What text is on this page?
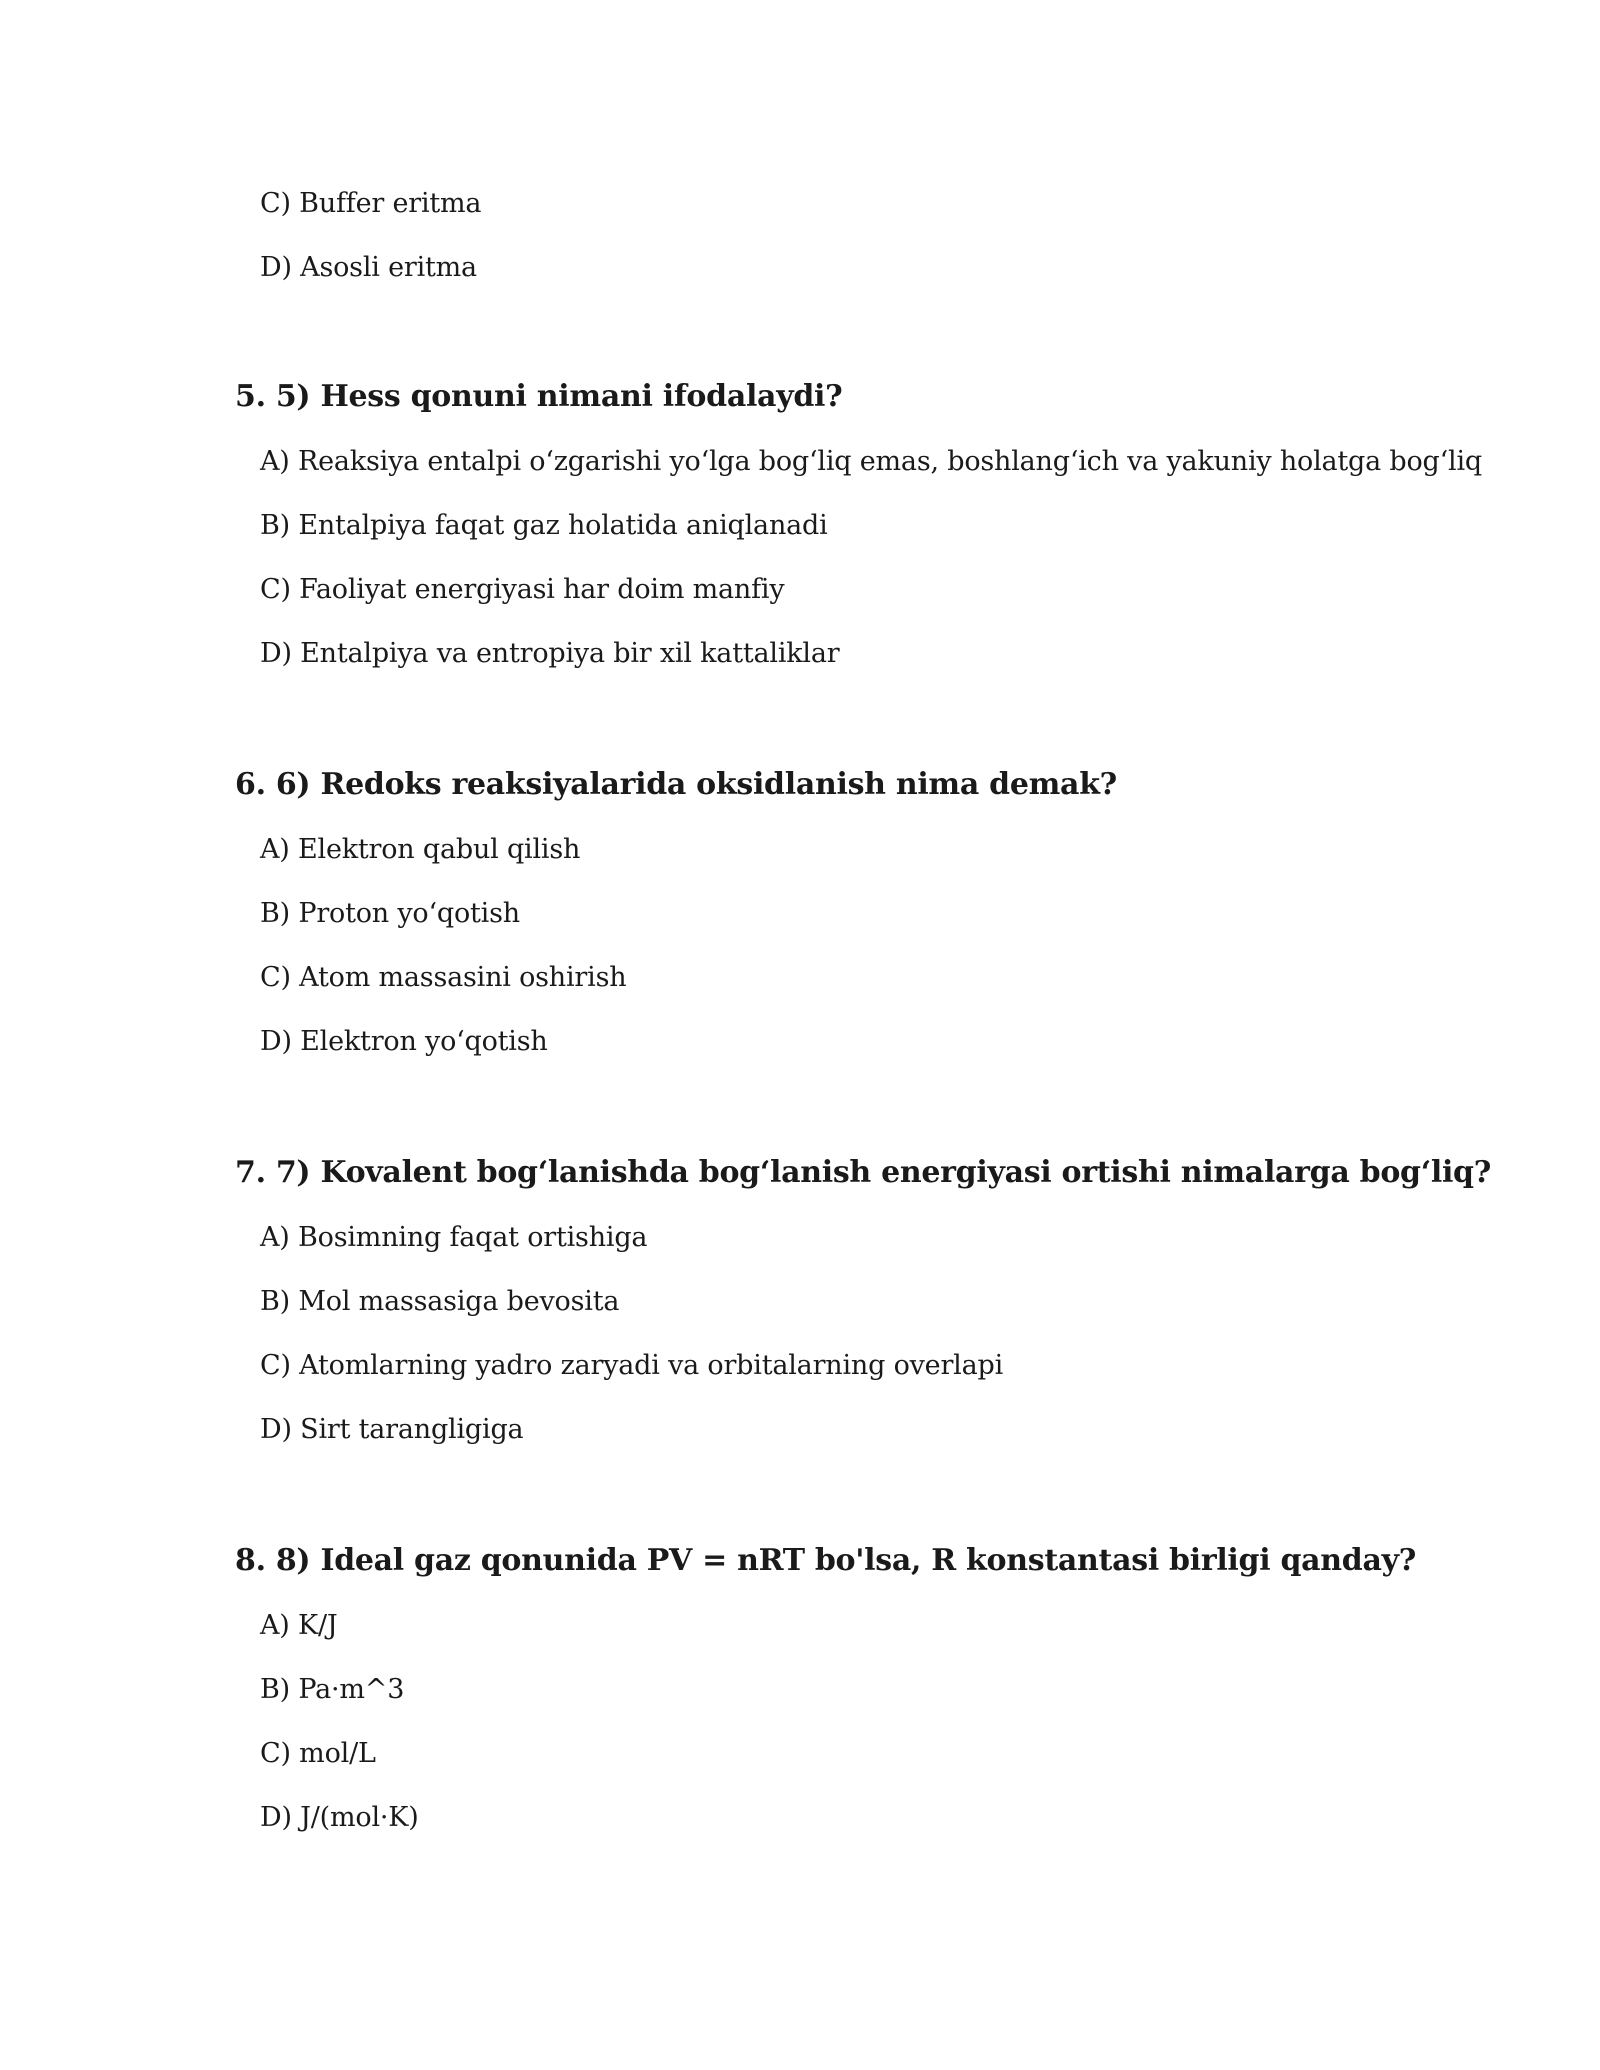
C) Buffer eritma
D) Asosli eritma
5. 5) Hess qonuni nimani ifodalaydi?
A) Reaksiya entalpi o‘zgarishi yo‘lga bog‘liq emas, boshlang‘ich va yakuniy holatga bog‘liq
B) Entalpiya faqat gaz holatida aniqlanadi
C) Faoliyat energiyasi har doim manfiy
D) Entalpiya va entropiya bir xil kattaliklar
6. 6) Redoks reaksiyalarida oksidlanish nima demak?
A) Elektron qabul qilish
B) Proton yo‘qotish
C) Atom massasini oshirish
D) Elektron yo‘qotish
7. 7) Kovalent bog‘lanishda bog‘lanish energiyasi ortishi nimalarga bog‘liq?
A) Bosimning faqat ortishiga
B) Mol massasiga bevosita
C) Atomlarning yadro zaryadi va orbitalarning overlapi
D) Sirt tarangligiga
8. 8) Ideal gaz qonunida PV = nRT bo'lsa, R konstantasi birligi qanday?
A) K/J
B) Pa·m^3
C) mol/L
D) J/(mol·K)
